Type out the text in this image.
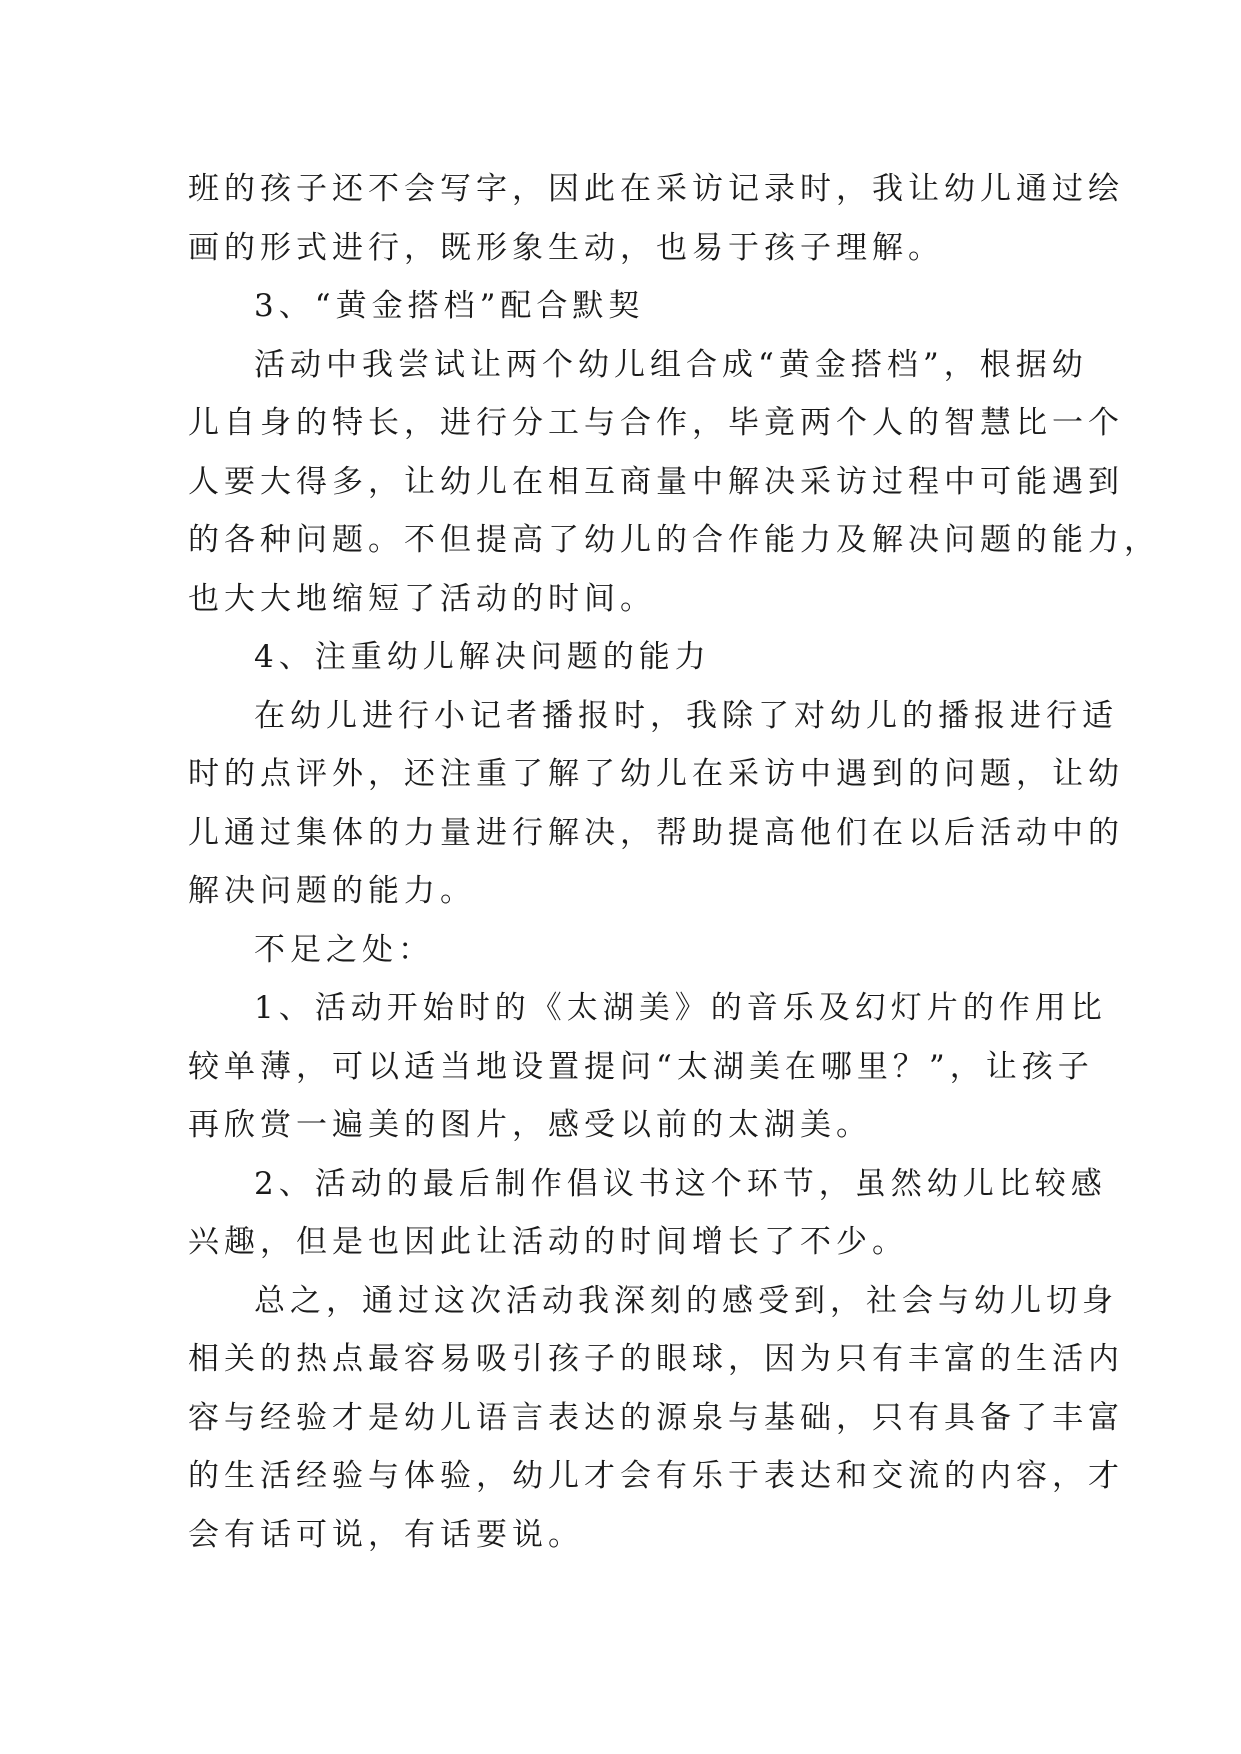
班的孩子还不会写字，因此在采访记录时，我让幼儿通过绘
画的形式进行，既形象生动，也易于孩子理解。
3、“黄金搭档”配合默契
活动中我尝试让两个幼儿组合成“黄金搭档”，根据幼
儿自身的特长，进行分工与合作，毕竟两个人的智慧比一个
人要大得多，让幼儿在相互商量中解决采访过程中可能遇到
的各种问题。不但提高了幼儿的合作能力及解决问题的能力，
也大大地缩短了活动的时间。
4、注重幼儿解决问题的能力
在幼儿进行小记者播报时，我除了对幼儿的播报进行适
时的点评外，还注重了解了幼儿在采访中遇到的问题，让幼
儿通过集体的力量进行解决，帮助提高他们在以后活动中的
解决问题的能力。
不足之处：
1、活动开始时的《太湖美》的音乐及幻灯片的作用比
较单薄，可以适当地设置提问“太湖美在哪里？”，让孩子
再欣赏一遍美的图片，感受以前的太湖美。
2、活动的最后制作倡议书这个环节，虽然幼儿比较感
兴趣，但是也因此让活动的时间增长了不少。
总之，通过这次活动我深刻的感受到，社会与幼儿切身
相关的热点最容易吸引孩子的眼球，因为只有丰富的生活内
容与经验才是幼儿语言表达的源泉与基础，只有具备了丰富
的生活经验与体验，幼儿才会有乐于表达和交流的内容，才
会有话可说，有话要说。
